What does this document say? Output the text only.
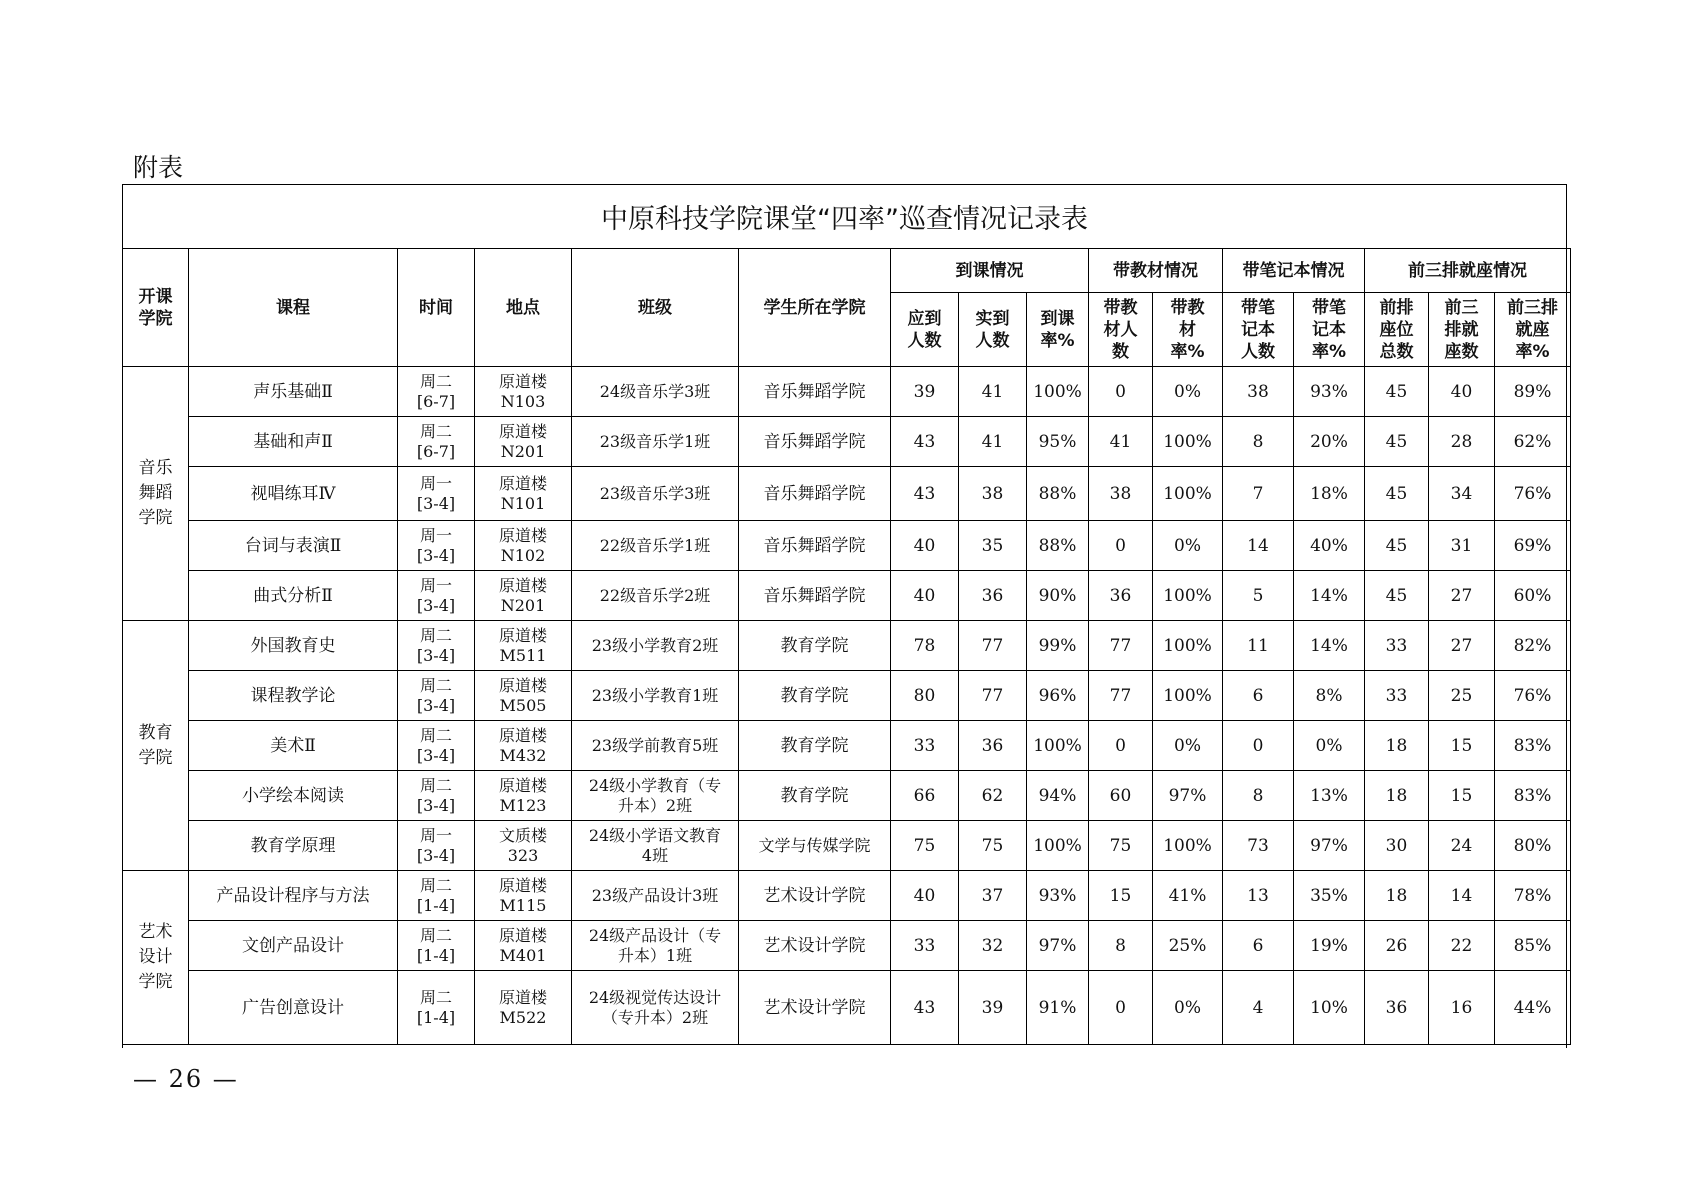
附表
中原科技学院课堂“四率”巡查情况记录表
开课学院	课程	时间	地点	班级	学生所在学院	到课情况			带教材情况		带笔记本情况		前三排就座情况		

						应到人数	实到人数	到课率%	带教材人数	带教材率%	带笔记本人数	带笔记本率%	前排座位总数	前三排就座数	前三排就座率%

音乐舞蹈学院	声乐基础Ⅱ	周二[6-7]	原道楼N103	24级音乐学3班	音乐舞蹈学院	39	41	100%	0	0%	38	93%	45	40	89%
	基础和声Ⅱ	周二[6-7]	原道楼N201	23级音乐学1班	音乐舞蹈学院	43	41	95%	41	100%	8	20%	45	28	62%
	视唱练耳Ⅳ	周一[3-4]	原道楼N101	23级音乐学3班	音乐舞蹈学院	43	38	88%	38	100%	7	18%	45	34	76%
	台词与表演Ⅱ	周一[3-4]	原道楼N102	22级音乐学1班	音乐舞蹈学院	40	35	88%	0	0%	14	40%	45	31	69%
	曲式分析Ⅱ	周一[3-4]	原道楼N201	22级音乐学2班	音乐舞蹈学院	40	36	90%	36	100%	5	14%	45	27	60%

教育学院	外国教育史	周二[3-4]	原道楼M511	23级小学教育2班	教育学院	78	77	99%	77	100%	11	14%	33	27	82%
	课程教学论	周二[3-4]	原道楼M505	23级小学教育1班	教育学院	80	77	96%	77	100%	6	8%	33	25	76%
	美术Ⅱ	周二[3-4]	原道楼M432	23级学前教育5班	教育学院	33	36	100%	0	0%	0	0%	18	15	83%
	小学绘本阅读	周二[3-4]	原道楼M123	24级小学教育（专升本）2班	教育学院	66	62	94%	60	97%	8	13%	18	15	83%
	教育学原理	周一[3-4]	文质楼323	24级小学语文教育4班	文学与传媒学院	75	75	100%	75	100%	73	97%	30	24	80%

艺术设计学院	产品设计程序与方法	周二[1-4]	原道楼M115	23级产品设计3班	艺术设计学院	40	37	93%	15	41%	13	35%	18	14	78%
	文创产品设计	周二[1-4]	原道楼M401	24级产品设计（专升本）1班	艺术设计学院	33	32	97%	8	25%	6	19%	26	22	85%
	广告创意设计	周二[1-4]	原道楼M522	24级视觉传达设计（专升本）2班	艺术设计学院	43	39	91%	0	0%	4	10%	36	16	44%
— 26 —
